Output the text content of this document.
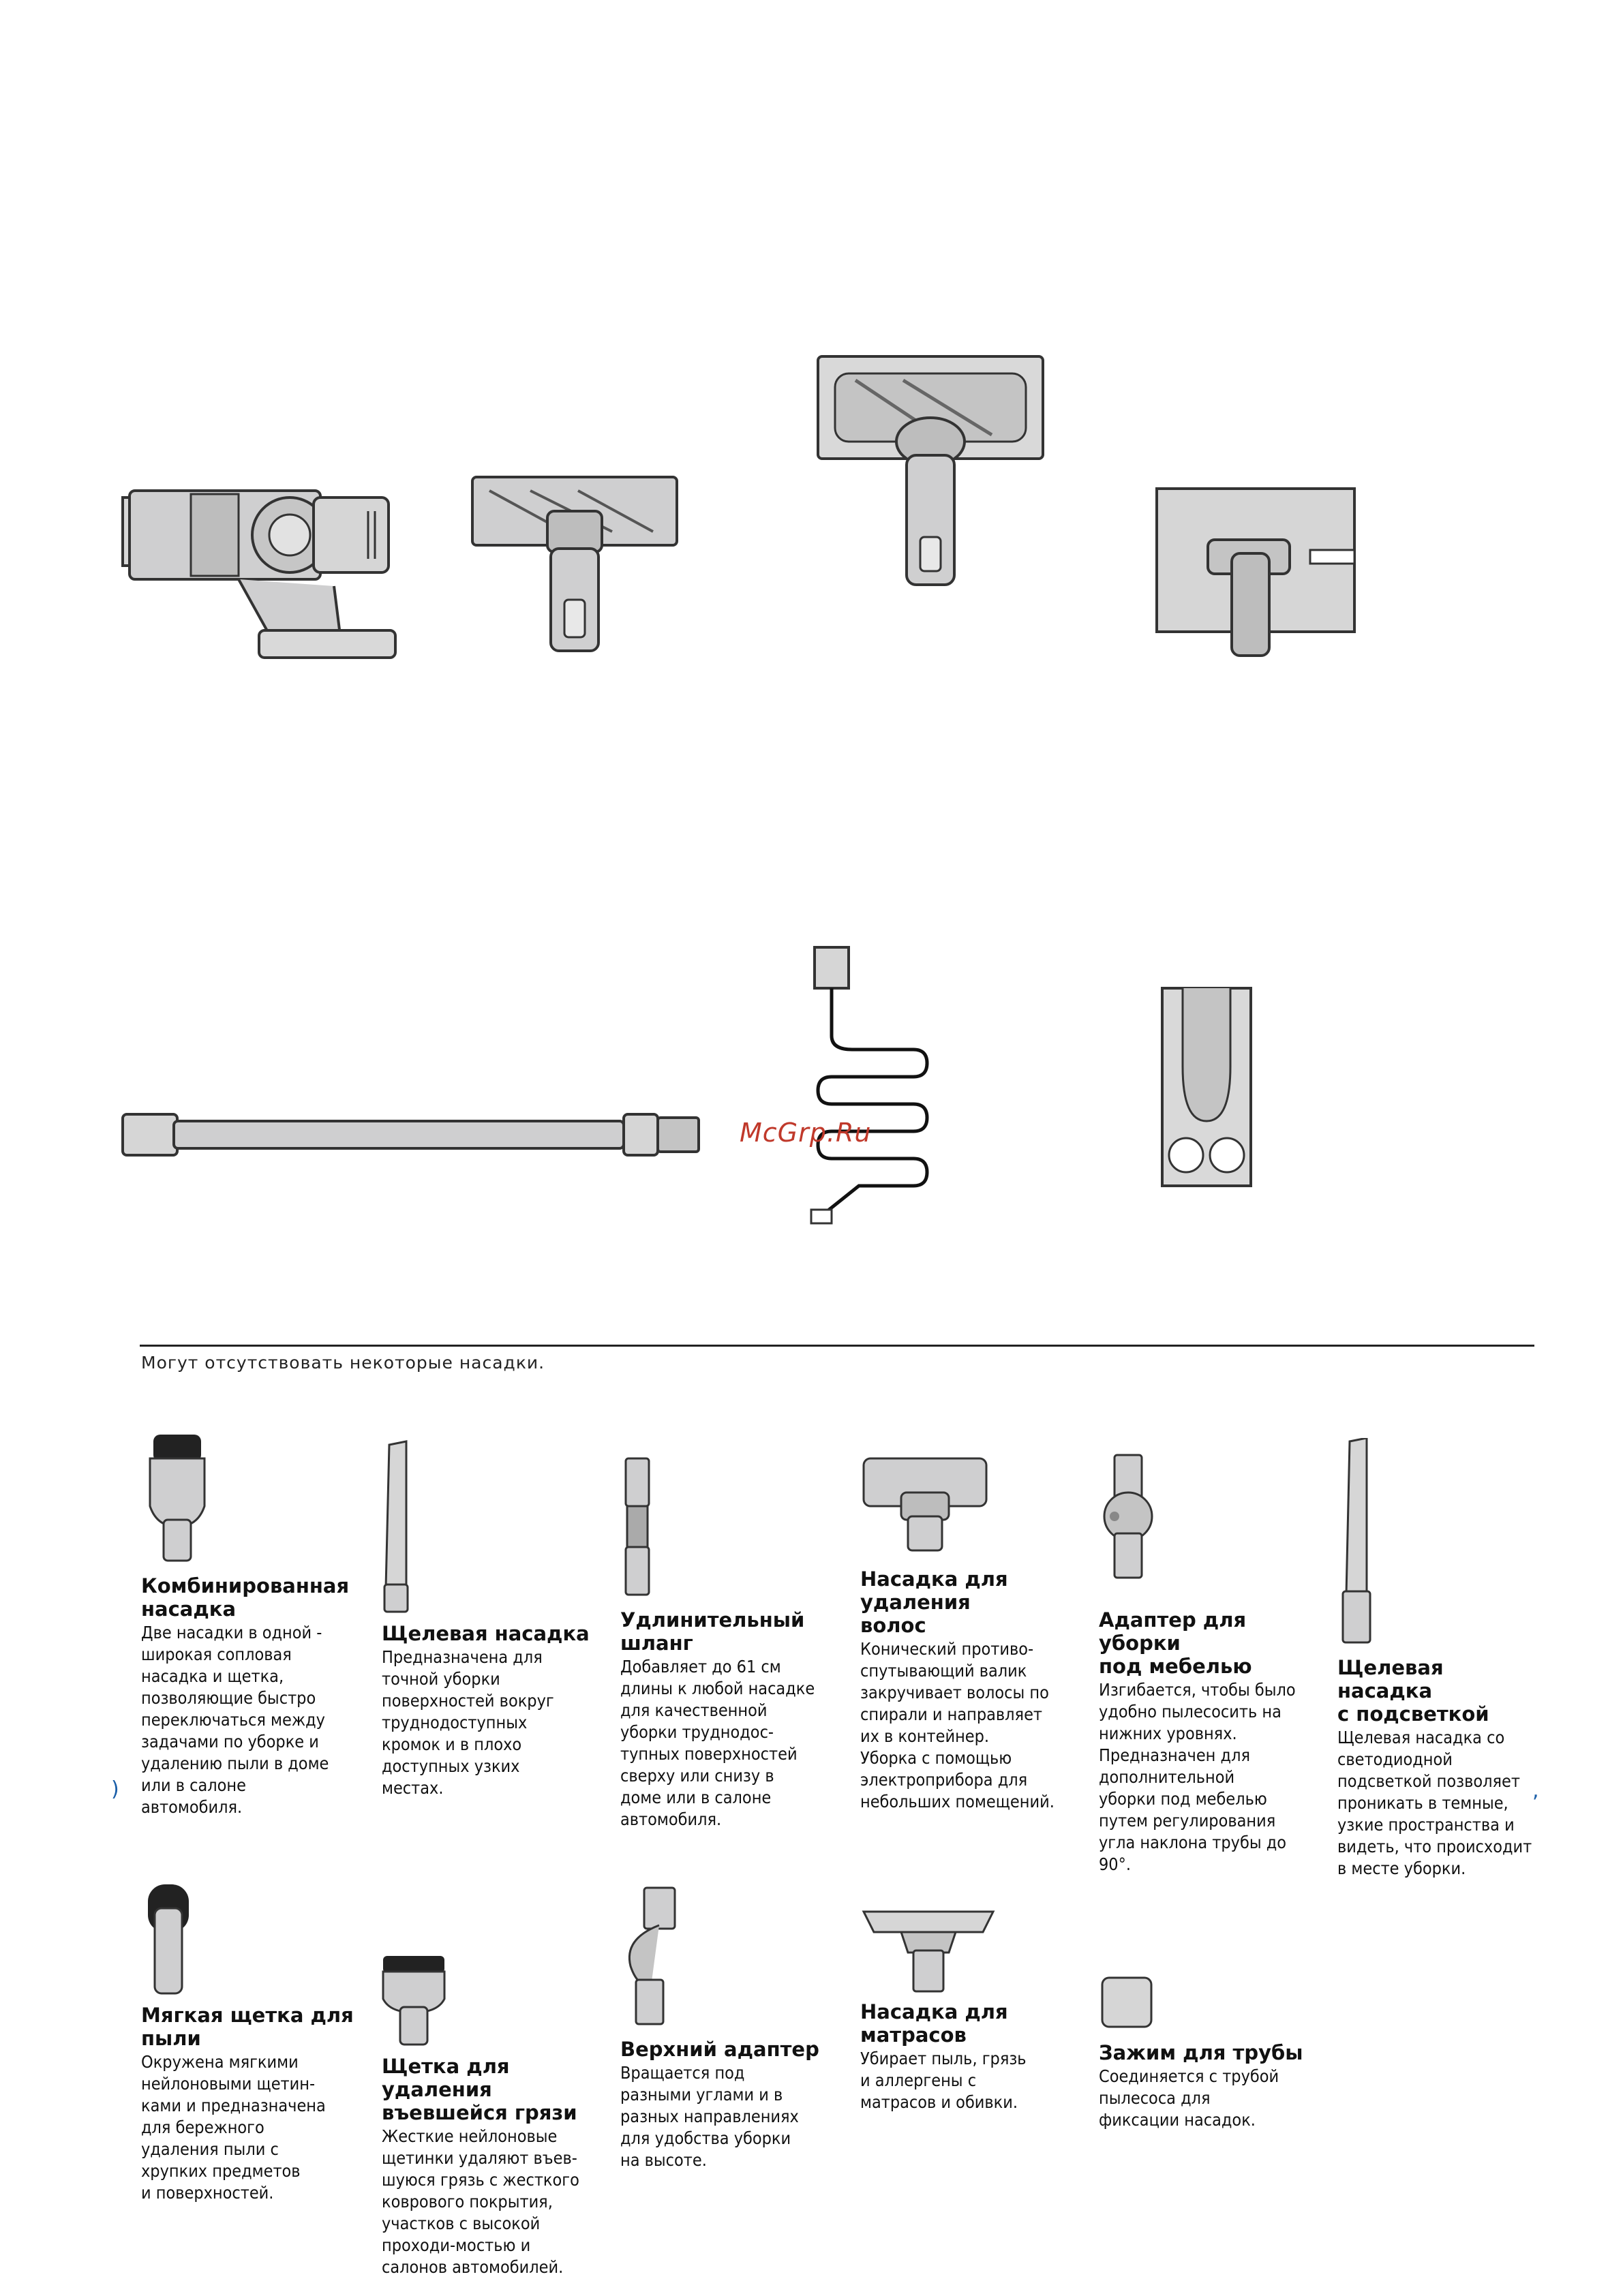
McGrp.Ru
Могут отсутствовать некоторые насадки.
Комбинированная
насадка
Две насадки в одной -
широкая сопловая
насадка и щетка,
позволяющие быстро
переключаться между
задачами по уборке и
удалению пыли в доме
или в салоне
автомобиля.
Щелевая насадка
Предназначена для
точной уборки
поверхностей вокруг
труднодоступных
кромок и в плохо
доступных узких
местах.
Удлинительный
шланг
Добавляет до 61 см
длины к любой насадке
для качественной
уборки труднодос-
тупных поверхностей
сверху или снизу в
доме или в салоне
автомобиля.
Насадка для удаления
волос
Конический противо-
спутывающий валик
закручивает волосы по
спирали и направляет
их в контейнер.
Уборка с помощью
электроприбора для
небольших помещений.
Адаптер для уборки
под мебелью
Изгибается, чтобы было
удобно пылесосить на
нижних уровнях.
Предназначен для
дополнительной
уборки под мебелью
путем регулирования
угла наклона трубы до
90°.
Щелевая насадка
с подсветкой
Щелевая насадка со
светодиодной
подсветкой позволяет
проникать в темные,
узкие пространства и
видеть, что происходит
в месте уборки.
)	,
Мягкая щетка для
пыли
Окружена мягкими
нейлоновыми щетин-
ками и предназначена
для бережного
удаления пыли с
хрупких предметов
и поверхностей.
Щетка для удаления
въевшейся грязи
Жесткие нейлоновые
щетинки удаляют въев-
шуюся грязь с жесткого
коврового покрытия,
участков с высокой
проходи-мостью и
салонов автомобилей.
Верхний адаптер
Вращается под
разными углами и в
разных направлениях
для удобства уборки
на высоте.
Насадка для
матрасов
Убирает пыль, грязь
и аллергены с
матрасов и обивки.
Зажим для трубы
Соединяется с трубой
пылесоса для
фиксации насадок.
